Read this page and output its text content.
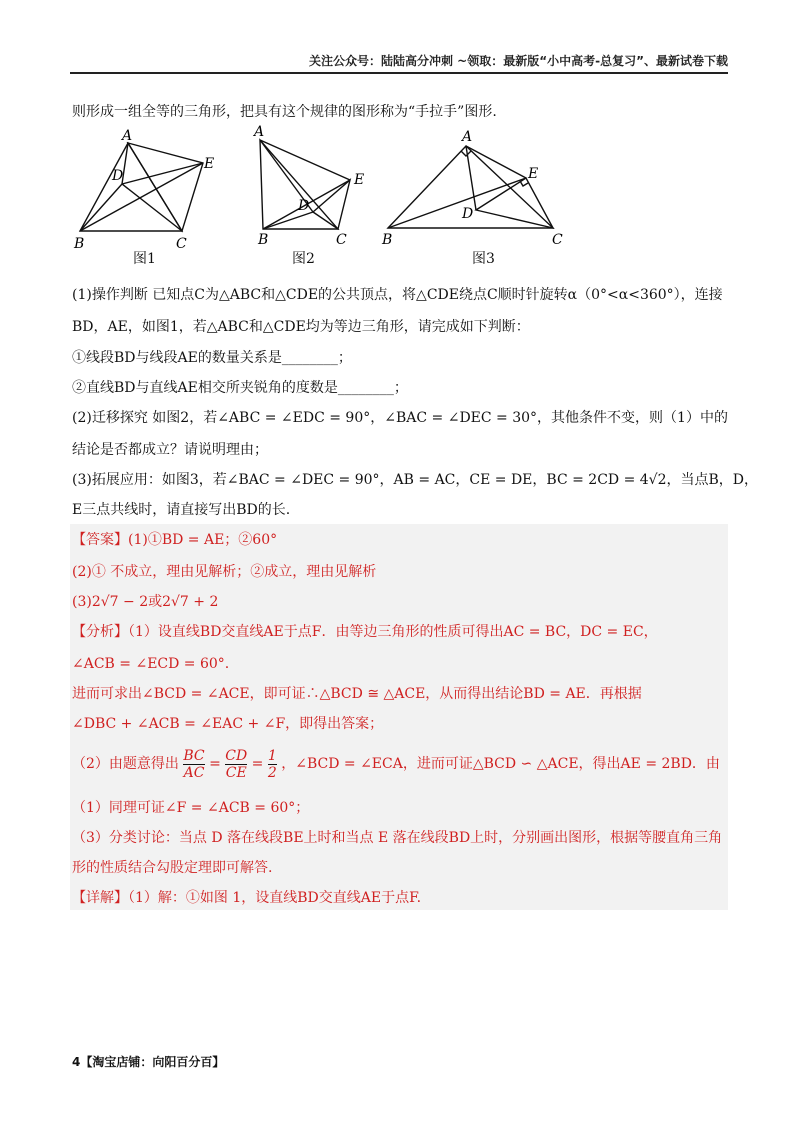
关注公众号：陆陆高分冲刺 ~领取：最新版“小中高考-总复习”、最新试卷下载
则形成一组全等的三角形，把具有这个规律的图形称为“手拉手”图形.
A
E
D
B	C
图1
A
E
D
B	C
图2
A
E
D
B	C
图3
(1)操作判断 已知点C为△ABC和△CDE的公共顶点，将△CDE绕点C顺时针旋转α（0°<α<360°），连接
BD，AE，如图1，若△ABC和△CDE均为等边三角形，请完成如下判断：
①线段BD与线段AE的数量关系是________；
②直线BD与直线AE相交所夹锐角的度数是________；
(2)迁移探究 如图2，若∠ABC = ∠EDC = 90°，∠BAC = ∠DEC = 30°，其他条件不变，则（1）中的
结论是否都成立？请说明理由；
(3)拓展应用：如图3，若∠BAC = ∠DEC = 90°，AB = AC，CE = DE，BC = 2CD = 4√2，当点B，D，
E三点共线时，请直接写出BD的长.
【答案】(1)①BD = AE；②60°
(2)① 不成立，理由见解析；②成立，理由见解析
(3)2√7 − 2或2√7 + 2
【分析】（1）设直线BD交直线AE于点F．由等边三角形的性质可得出AC = BC，DC = EC，
∠ACB = ∠ECD = 60°.
进而可求出∠BCD = ∠ACE，即可证∴△BCD ≅ △ACE，从而得出结论BD = AE．再根据
∠DBC + ∠ACB = ∠EAC + ∠F，即得出答案；
（2）由题意得出 $\frac{BC}{AC} = \frac{CD}{CE} = \frac{1}{2}$ ，∠BCD = ∠ECA，进而可证△BCD ∽ △ACE，得出AE = 2BD．由
（1）同理可证∠F = ∠ACB = 60°；
（3）分类讨论：当点 D 落在线段BE上时和当点 E 落在线段BD上时，分别画出图形，根据等腰直角三角
形的性质结合勾股定理即可解答.
【详解】（1）解：①如图 1，设直线BD交直线AE于点F.
4【淘宝店铺：向阳百分百】
